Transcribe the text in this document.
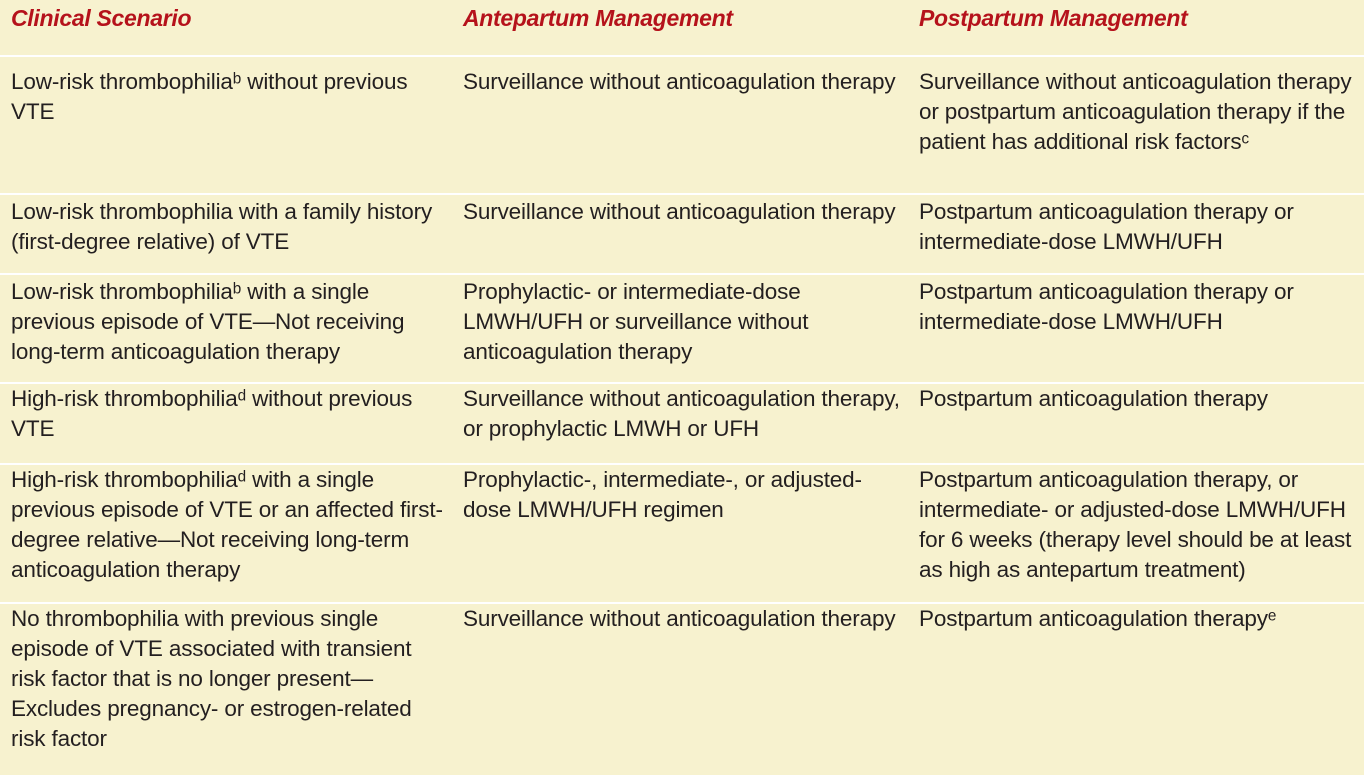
Clinical Scenario	Antepartum Management	Postpartum Management
Low-risk thrombophiliaᵇ without previous VTE	Surveillance without anticoagulation therapy	Surveillance without anticoagulation therapy or postpartum anticoagulation therapy if the patient has additional risk factorsᶜ
Low-risk thrombophilia with a family history (first-degree relative) of VTE	Surveillance without anticoagulation therapy	Postpartum anticoagulation therapy or intermediate-dose LMWH/UFH
Low-risk thrombophiliaᵇ with a single previous episode of VTE—Not receiving long-term anticoagulation therapy	Prophylactic- or intermediate-dose LMWH/UFH or surveillance without anticoagulation therapy	Postpartum anticoagulation therapy or intermediate-dose LMWH/UFH
High-risk thrombophiliaᵈ without previous VTE	Surveillance without anticoagulation therapy, or prophylactic LMWH or UFH	Postpartum anticoagulation therapy
High-risk thrombophiliaᵈ with a single previous episode of VTE or an affected first-degree relative—Not receiving long-term anticoagulation therapy	Prophylactic-, intermediate-, or adjusted-dose LMWH/UFH regimen	Postpartum anticoagulation therapy, or intermediate- or adjusted-dose LMWH/UFH for 6 weeks (therapy level should be at least as high as antepartum treatment)
No thrombophilia with previous single episode of VTE associated with transient risk factor that is no longer present—Excludes pregnancy- or estrogen-related risk factor	Surveillance without anticoagulation therapy	Postpartum anticoagulation therapyᵉ
